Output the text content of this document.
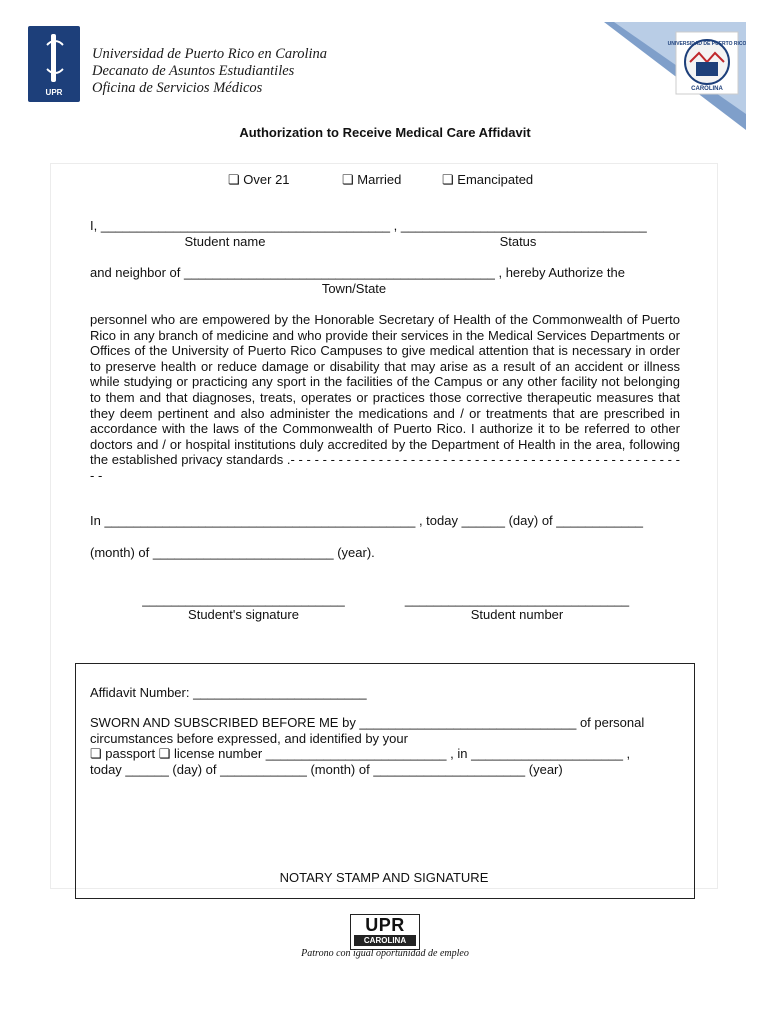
UPR
Universidad de Puerto Rico en Carolina
Decanato de Asuntos Estudiantiles
Oficina de Servicios Médicos
UNIVERSIDAD DE PUERTO RICO
CAROLINA
Authorization to Receive Medical Care Affidavit
❏ Over 21	❏ Married	❏ Emancipated
I, ________________________________________ , __________________________________
Student name	Status
and neighbor of ___________________________________________ , hereby Authorize the
Town/State
personnel who are empowered by the Honorable Secretary of Health of the Commonwealth of Puerto Rico in any branch of medicine and who provide their services in the Medical Services Departments or Offices of the University of Puerto Rico Campuses to give medical attention that is necessary in order to preserve health or reduce damage or disability that may arise as a result of an accident or illness while studying or practicing any sport in the facilities of the Campus or any other facility not belonging to them and that diagnoses, treats, operates or practices those corrective therapeutic measures that they deem pertinent and also administer the medications and / or treatments that are prescribed in accordance with the laws of the Commonwealth of Puerto Rico. I authorize it to be referred to other doctors and / or hospital institutions duly accredited by the Department of Health in the area, following the established privacy standards .- - - - - - - - - - - - - - - - - - - - - - - - - - - - - - - - - - - - - - - - - - - - - - - - - - -
In ___________________________________________ , today ______ (day) of ____________
(month) of _________________________ (year).
____________________________
Student's signature
_______________________________
Student number
Affidavit Number: ________________________
SWORN AND SUBSCRIBED BEFORE ME by ______________________________ of personal
circumstances before expressed, and identified by your
❏ passport ❏ license number _________________________ , in _____________________ ,
today ______ (day) of ____________ (month) of _____________________ (year)
NOTARY STAMP AND SIGNATURE
UPR
CAROLINA
Patrono con igual oportunidad de empleo
